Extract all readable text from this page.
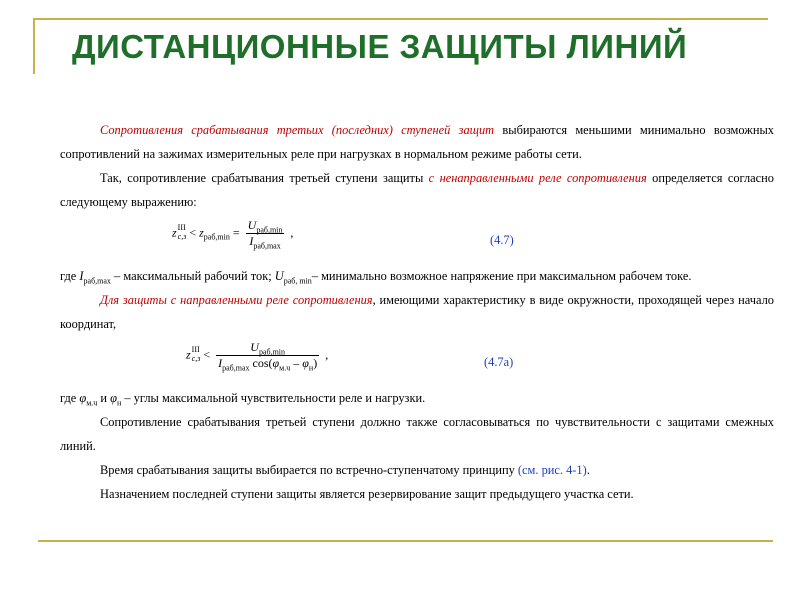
ДИСТАНЦИОННЫЕ ЗАЩИТЫ ЛИНИЙ

Сопротивления срабатывания третьих (последних) ступеней защит выбираются меньшими минимально возможных сопротивлений на зажимах измерительных реле при нагрузках в нормальном режиме работы сети.

Так, сопротивление срабатывания третьей ступени защиты с ненаправленными реле сопротивления определяется согласно следующему выражению:

z III
$с,з < z_{раб,min} = \frac{U_{раб,min}}{I_{раб,max}}$ ,
(4.7)

где $I_{раб,max}$ – максимальный рабочий ток; $U_{раб, min}-$ минимально возможное напряжение при максимальном рабочем токе.

Для защиты с направленными реле сопротивления, имеющими характеристику в виде окружности, проходящей через начало координат,

z III
$с,з < \frac{U_{раб,min}}{I_{раб,max} \cos(\varphi_{м.ч} - \varphi_н)}$ ,
(4.7а)

где $\varphi_{м.ч}$ и $\varphi_н$ – углы максимальной чувствительности реле и нагрузки.

Сопротивление срабатывания третьей ступени должно также согласовываться по чувствительности с защитами смежных линий.

Время срабатывания защиты выбирается по встречно-ступенчатому принципу (см. рис. 4-1).

Назначением последней ступени защиты является резервирование защит предыдущего участка сети.
